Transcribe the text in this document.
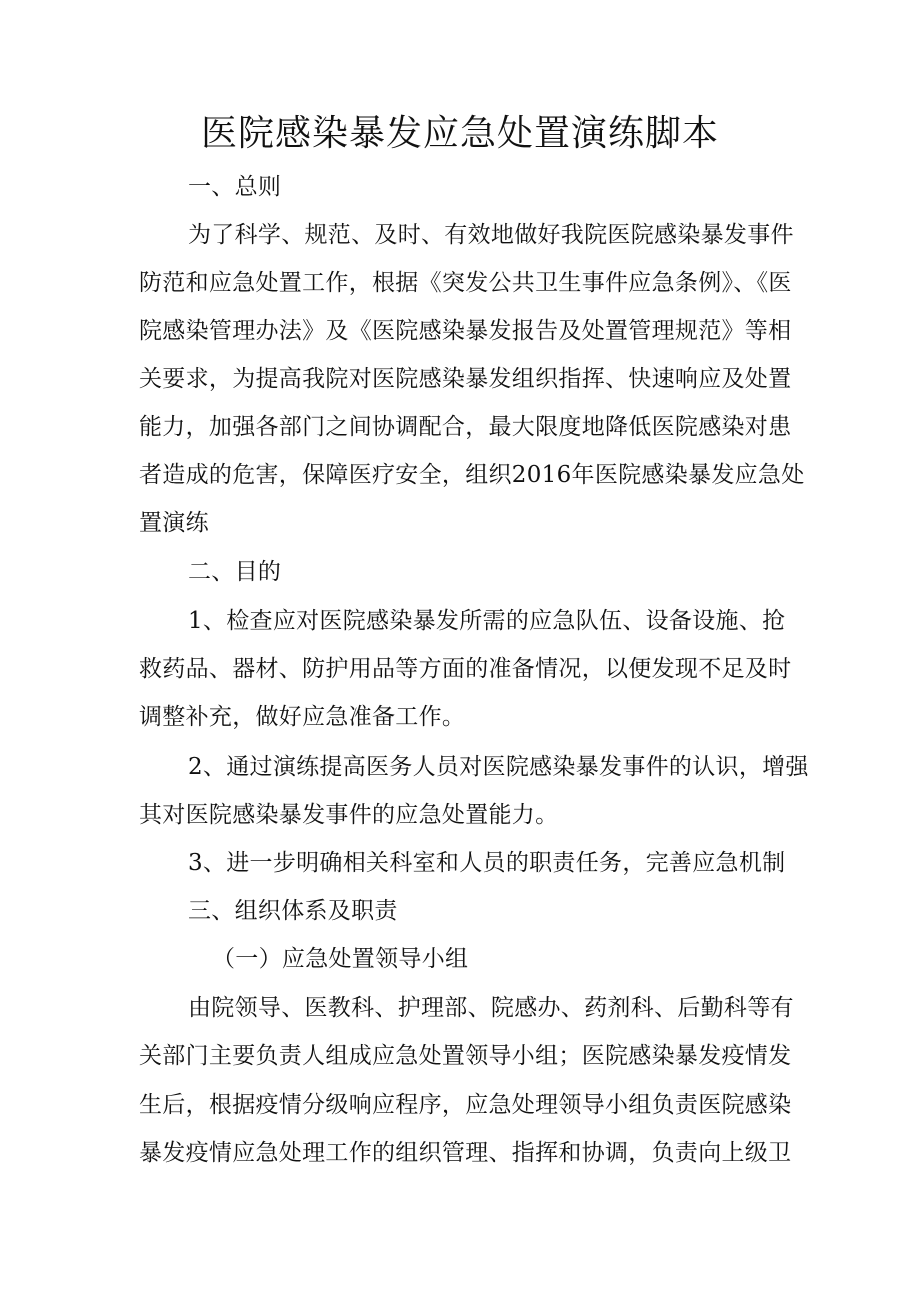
医院感染暴发应急处置演练脚本
一、总则
为了科学、规范、及时、有效地做好我院医院感染暴发事件
防范和应急处置工作，根据《突发公共卫生事件应急条例》、《医
院感染管理办法》及《医院感染暴发报告及处置管理规范》等相
关要求，为提高我院对医院感染暴发组织指挥、快速响应及处置
能力，加强各部门之间协调配合，最大限度地降低医院感染对患
者造成的危害，保障医疗安全，组织2016年医院感染暴发应急处
置演练
二、目的
1、检查应对医院感染暴发所需的应急队伍、设备设施、抢
救药品、器材、防护用品等方面的准备情况，以便发现不足及时
调整补充，做好应急准备工作。
2、通过演练提高医务人员对医院感染暴发事件的认识，增强
其对医院感染暴发事件的应急处置能力。
3、进一步明确相关科室和人员的职责任务，完善应急机制
三、组织体系及职责
（一）应急处置领导小组
由院领导、医教科、护理部、院感办、药剂科、后勤科等有
关部门主要负责人组成应急处置领导小组；医院感染暴发疫情发
生后，根据疫情分级响应程序，应急处理领导小组负责医院感染
暴发疫情应急处理工作的组织管理、指挥和协调，负责向上级卫
